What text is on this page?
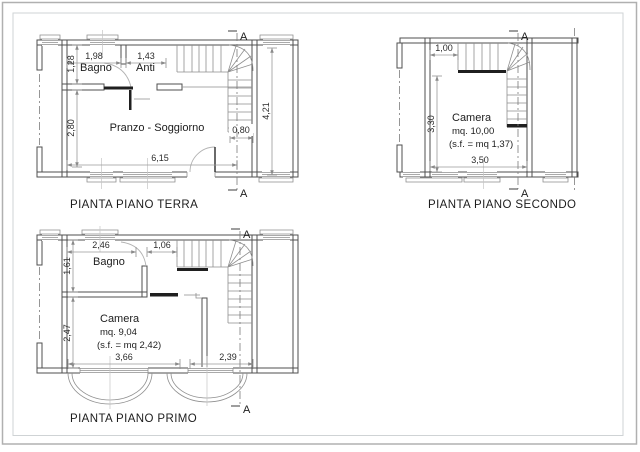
1,98	1,43
1,28
2,80
6,15
0,80
4,21
Bagno Anti
Pranzo - Soggiorno
A
A
PIANTA PIANO TERRA
1,00
3,30
3,50
Camera
mq. 10,00
(s.f. = mq 1,37)
A
A
PIANTA PIANO SECONDO
2,46	1,06
1,61
2,47
3,66	2,39
Bagno
Camera
mq. 9,04
(s.f. = mq 2,42)
A
A
PIANTA PIANO PRIMO
